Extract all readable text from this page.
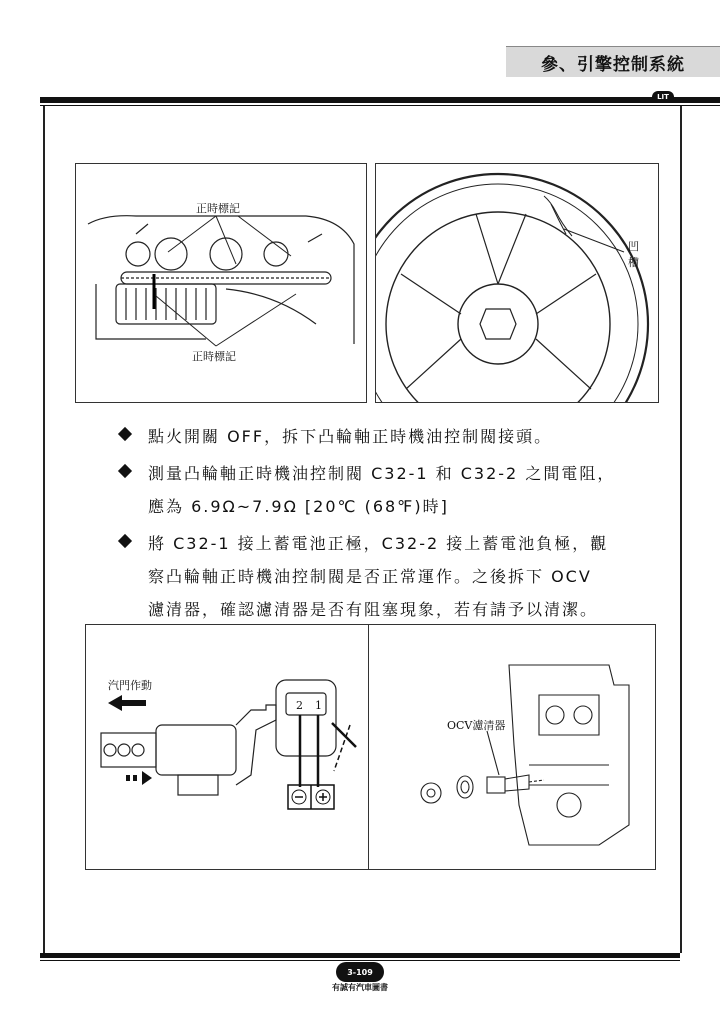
參、引擎控制系統
LIT
正時標記
正時標記
凹
槽
點火開關 OFF，拆下凸輪軸正時機油控制閥接頭。
測量凸輪軸正時機油控制閥 C32-1 和 C32-2 之間電阻，
應為 6.9Ω~7.9Ω [20℃ (68℉)時]
將 C32-1 接上蓄電池正極，C32-2 接上蓄電池負極，觀
察凸輪軸正時機油控制閥是否正常運作。之後拆下 OCV
濾清器，確認濾清器是否有阻塞現象，若有請予以清潔。
汽門作動
2 1
OCV濾清器
3-109
有誠有汽車圖書
